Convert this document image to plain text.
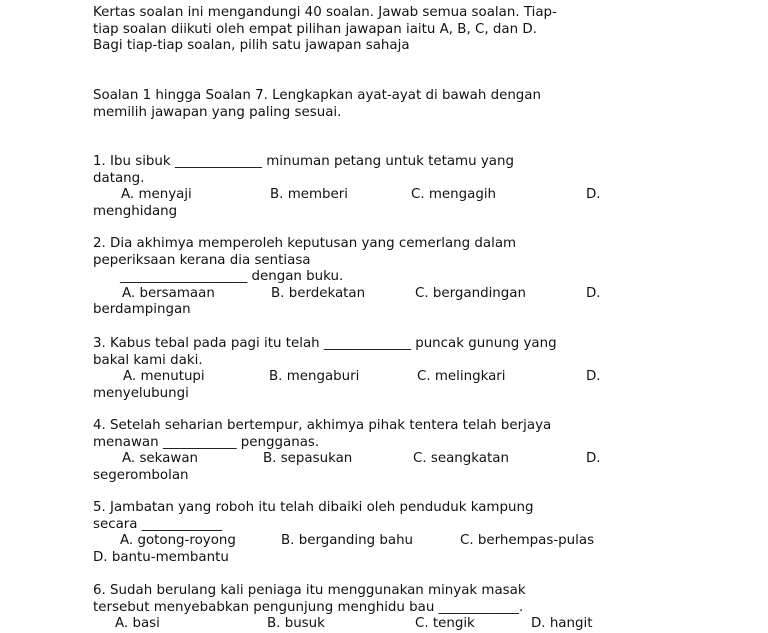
Kertas soalan ini mengandungi 40 soalan. Jawab semua soalan. Tiap-
tiap soalan diikuti oleh empat pilihan jawapan iaitu A, B, C, dan D.
Bagi tiap-tiap soalan, pilih satu jawapan sahaja
Soalan 1 hingga Soalan 7. Lengkapkan ayat-ayat di bawah dengan
memilih jawapan yang paling sesuai.
1. Ibu sibuk _____________ minuman petang untuk tetamu yang
datang.
A. menyaji	B. memberi	C. mengagih	D.
menghidang
2. Dia akhimya memperoleh keputusan yang cemerlang dalam
peperiksaan kerana dia sentiasa
___________________ dengan buku.
A. bersamaan	B. berdekatan	C. bergandingan	D.
berdampingan
3. Kabus tebal pada pagi itu telah _____________ puncak gunung yang
bakal kami daki.
A. menutupi	B. mengaburi	C. melingkari	D.
menyelubungi
4. Setelah seharian bertempur, akhimya pihak tentera telah berjaya
menawan ___________ pengganas.
A. sekawan	B. sepasukan	C. seangkatan	D.
segerombolan
5. Jambatan yang roboh itu telah dibaiki oleh penduduk kampung
secara ____________
A. gotong-royong	B. berganding bahu	C. berhempas-pulas
D. bantu-membantu
6. Sudah berulang kali peniaga itu menggunakan minyak masak
tersebut menyebabkan pengunjung menghidu bau ____________.
A. basi	B. busuk	C. tengik	D. hangit
